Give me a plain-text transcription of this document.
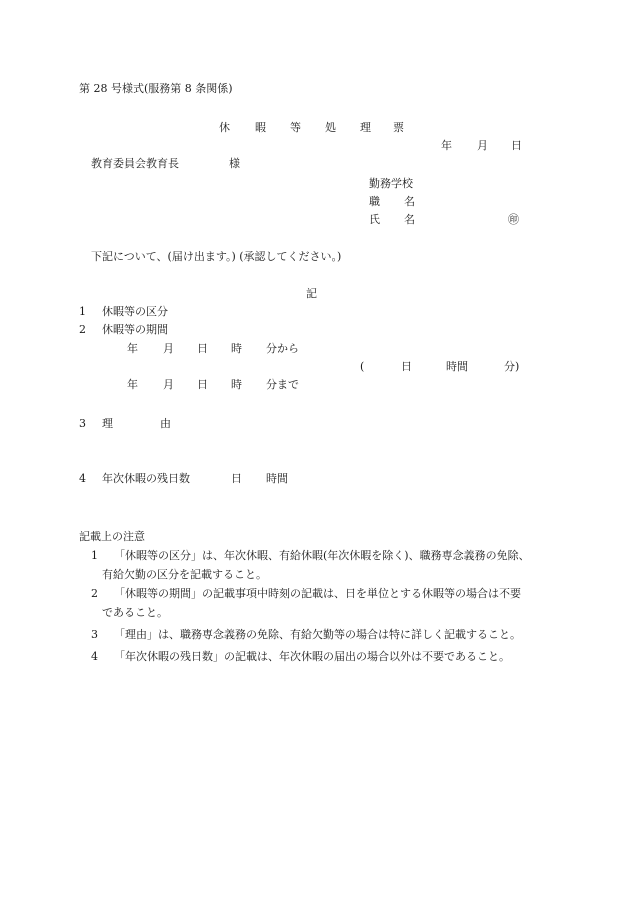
第 28 号様式(服務第 8 条関係)
休 暇 等 処 理 票
年 月 日
教育委員会教育長	様
勤務学校
職 名
氏 名	㊞
下記について、(届け出ます。) (承認してください。)
記
1 休暇等の区分
2 休暇等の期間
年 月 日 時 分から
(	日	時間	分)
年 月 日 時 分まで
3 理	由
4 年次休暇の残日数	日 時間
記載上の注意
1 「休暇等の区分」は、年次休暇、有給休暇(年次休暇を除く)、職務専念義務の免除、
有給欠勤の区分を記載すること。
2 「休暇等の期間」の記載事項中時刻の記載は、日を単位とする休暇等の場合は不要
であること。
3 「理由」は、職務専念義務の免除、有給欠勤等の場合は特に詳しく記載すること。
4 「年次休暇の残日数」の記載は、年次休暇の届出の場合以外は不要であること。
